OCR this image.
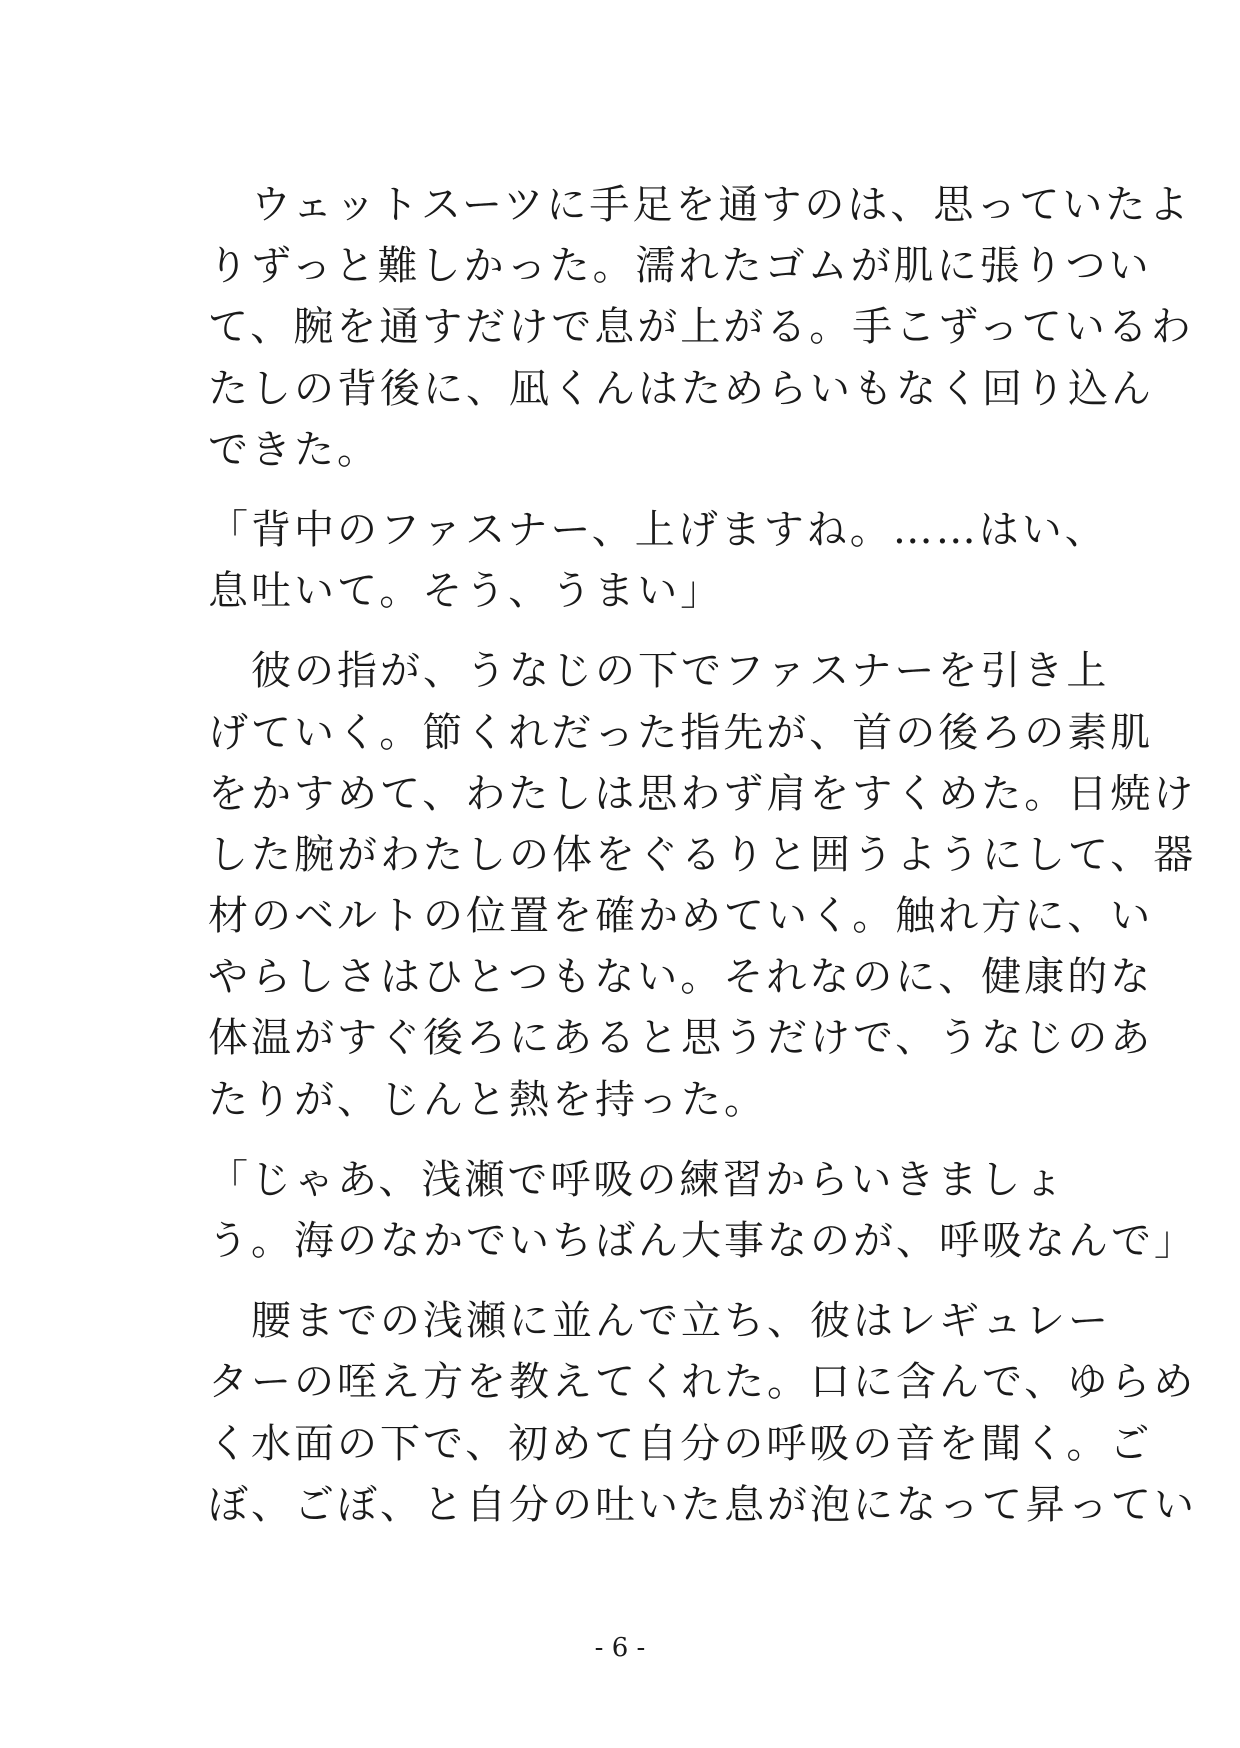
　ウェットスーツに手足を通すのは、思っていたよ
りずっと難しかった。濡れたゴムが肌に張りつい
て、腕を通すだけで息が上がる。手こずっているわ
たしの背後に、凪くんはためらいもなく回り込ん
できた。
「背中のファスナー、上げますね。……はい、
息吐いて。そう、うまい」
　彼の指が、うなじの下でファスナーを引き上
げていく。節くれだった指先が、首の後ろの素肌
をかすめて、わたしは思わず肩をすくめた。日焼け
した腕がわたしの体をぐるりと囲うようにして、器
材のベルトの位置を確かめていく。触れ方に、い
やらしさはひとつもない。それなのに、健康的な
体温がすぐ後ろにあると思うだけで、うなじのあ
たりが、じんと熱を持った。
「じゃあ、浅瀬で呼吸の練習からいきましょ
う。海のなかでいちばん大事なのが、呼吸なんで」
　腰までの浅瀬に並んで立ち、彼はレギュレー
ターの咥え方を教えてくれた。口に含んで、ゆらめ
く水面の下で、初めて自分の呼吸の音を聞く。ご
ぼ、ごぼ、と自分の吐いた息が泡になって昇ってい
- 6 -
